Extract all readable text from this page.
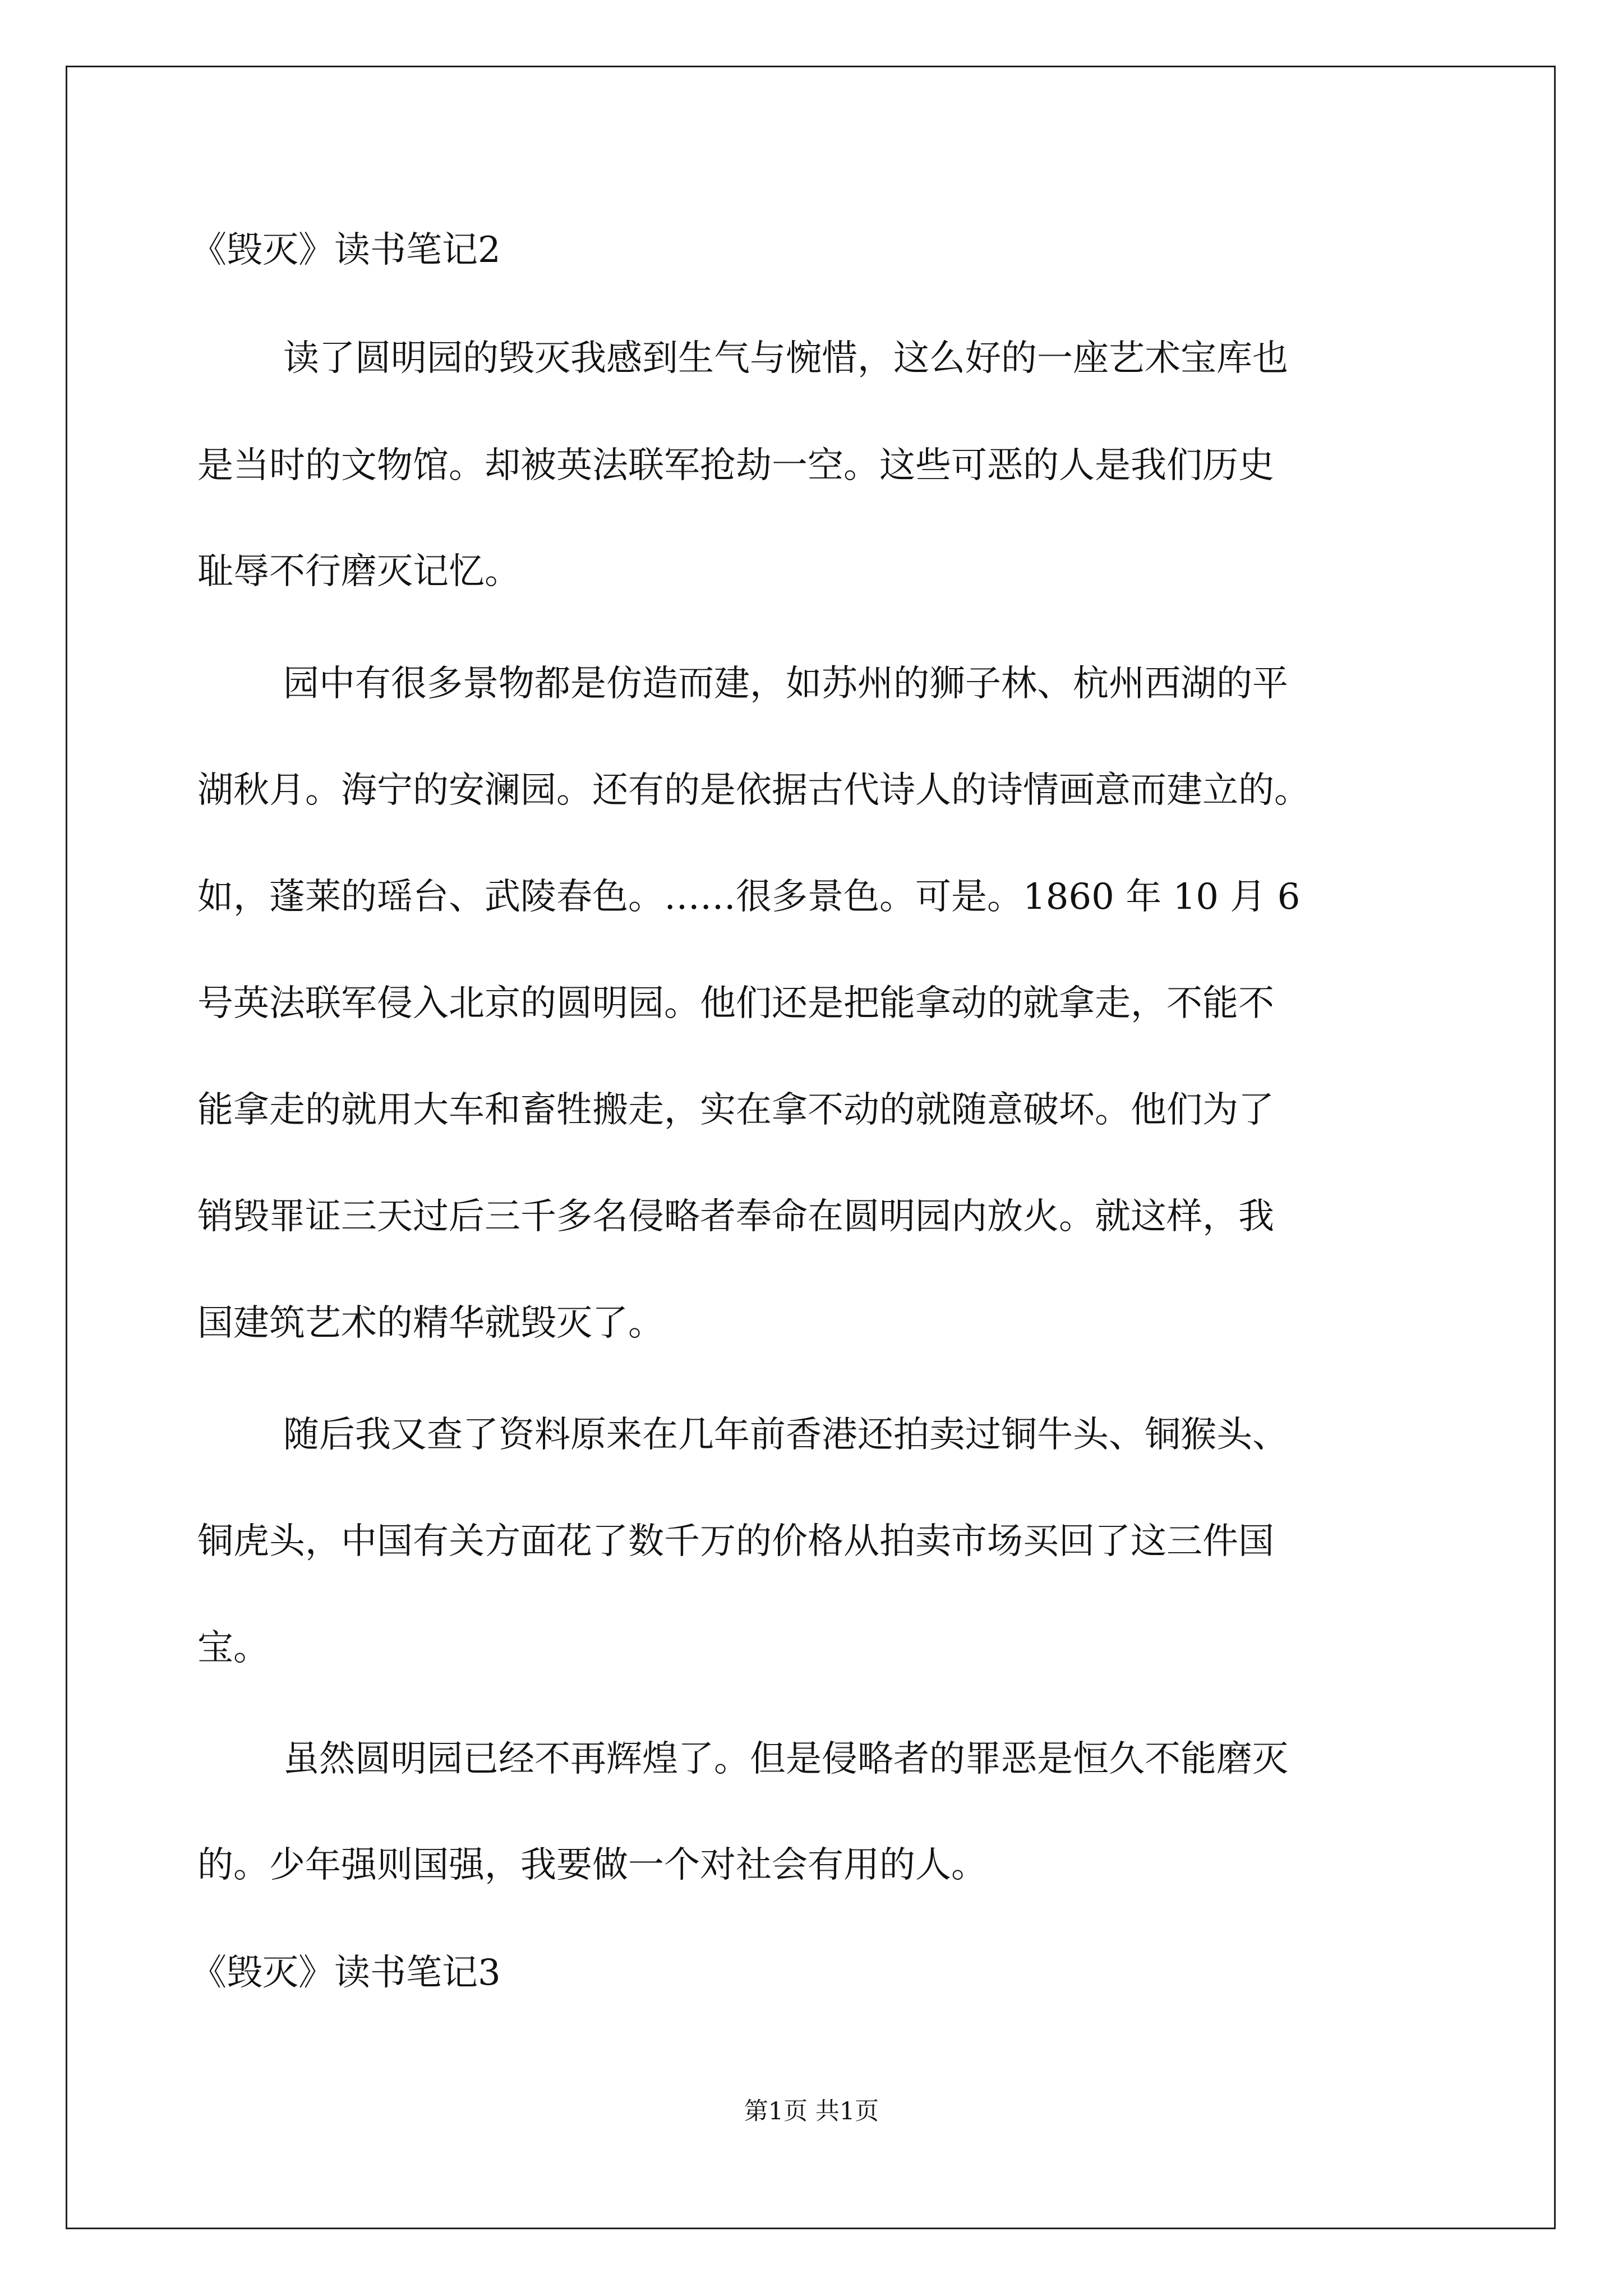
《毁灭》读书笔记2

读了圆明园的毁灭我感到生气与惋惜，这么好的一座艺术宝库也

是当时的文物馆。却被英法联军抢劫一空。这些可恶的人是我们历史

耻辱不行磨灭记忆。

园中有很多景物都是仿造而建，如苏州的狮子林、杭州西湖的平

湖秋月。海宁的安澜园。还有的是依据古代诗人的诗情画意而建立的。

如，蓬莱的瑶台、武陵春色。……很多景色。可是。1860 年 10 月 6

号英法联军侵入北京的圆明园。他们还是把能拿动的就拿走，不能不

能拿走的就用大车和畜牲搬走，实在拿不动的就随意破坏。他们为了

销毁罪证三天过后三千多名侵略者奉命在圆明园内放火。就这样，我

国建筑艺术的精华就毁灭了。

随后我又查了资料原来在几年前香港还拍卖过铜牛头、铜猴头、

铜虎头，中国有关方面花了数千万的价格从拍卖市场买回了这三件国

宝。

虽然圆明园已经不再辉煌了。但是侵略者的罪恶是恒久不能磨灭

的。少年强则国强，我要做一个对社会有用的人。

《毁灭》读书笔记3

第1页 共1页
